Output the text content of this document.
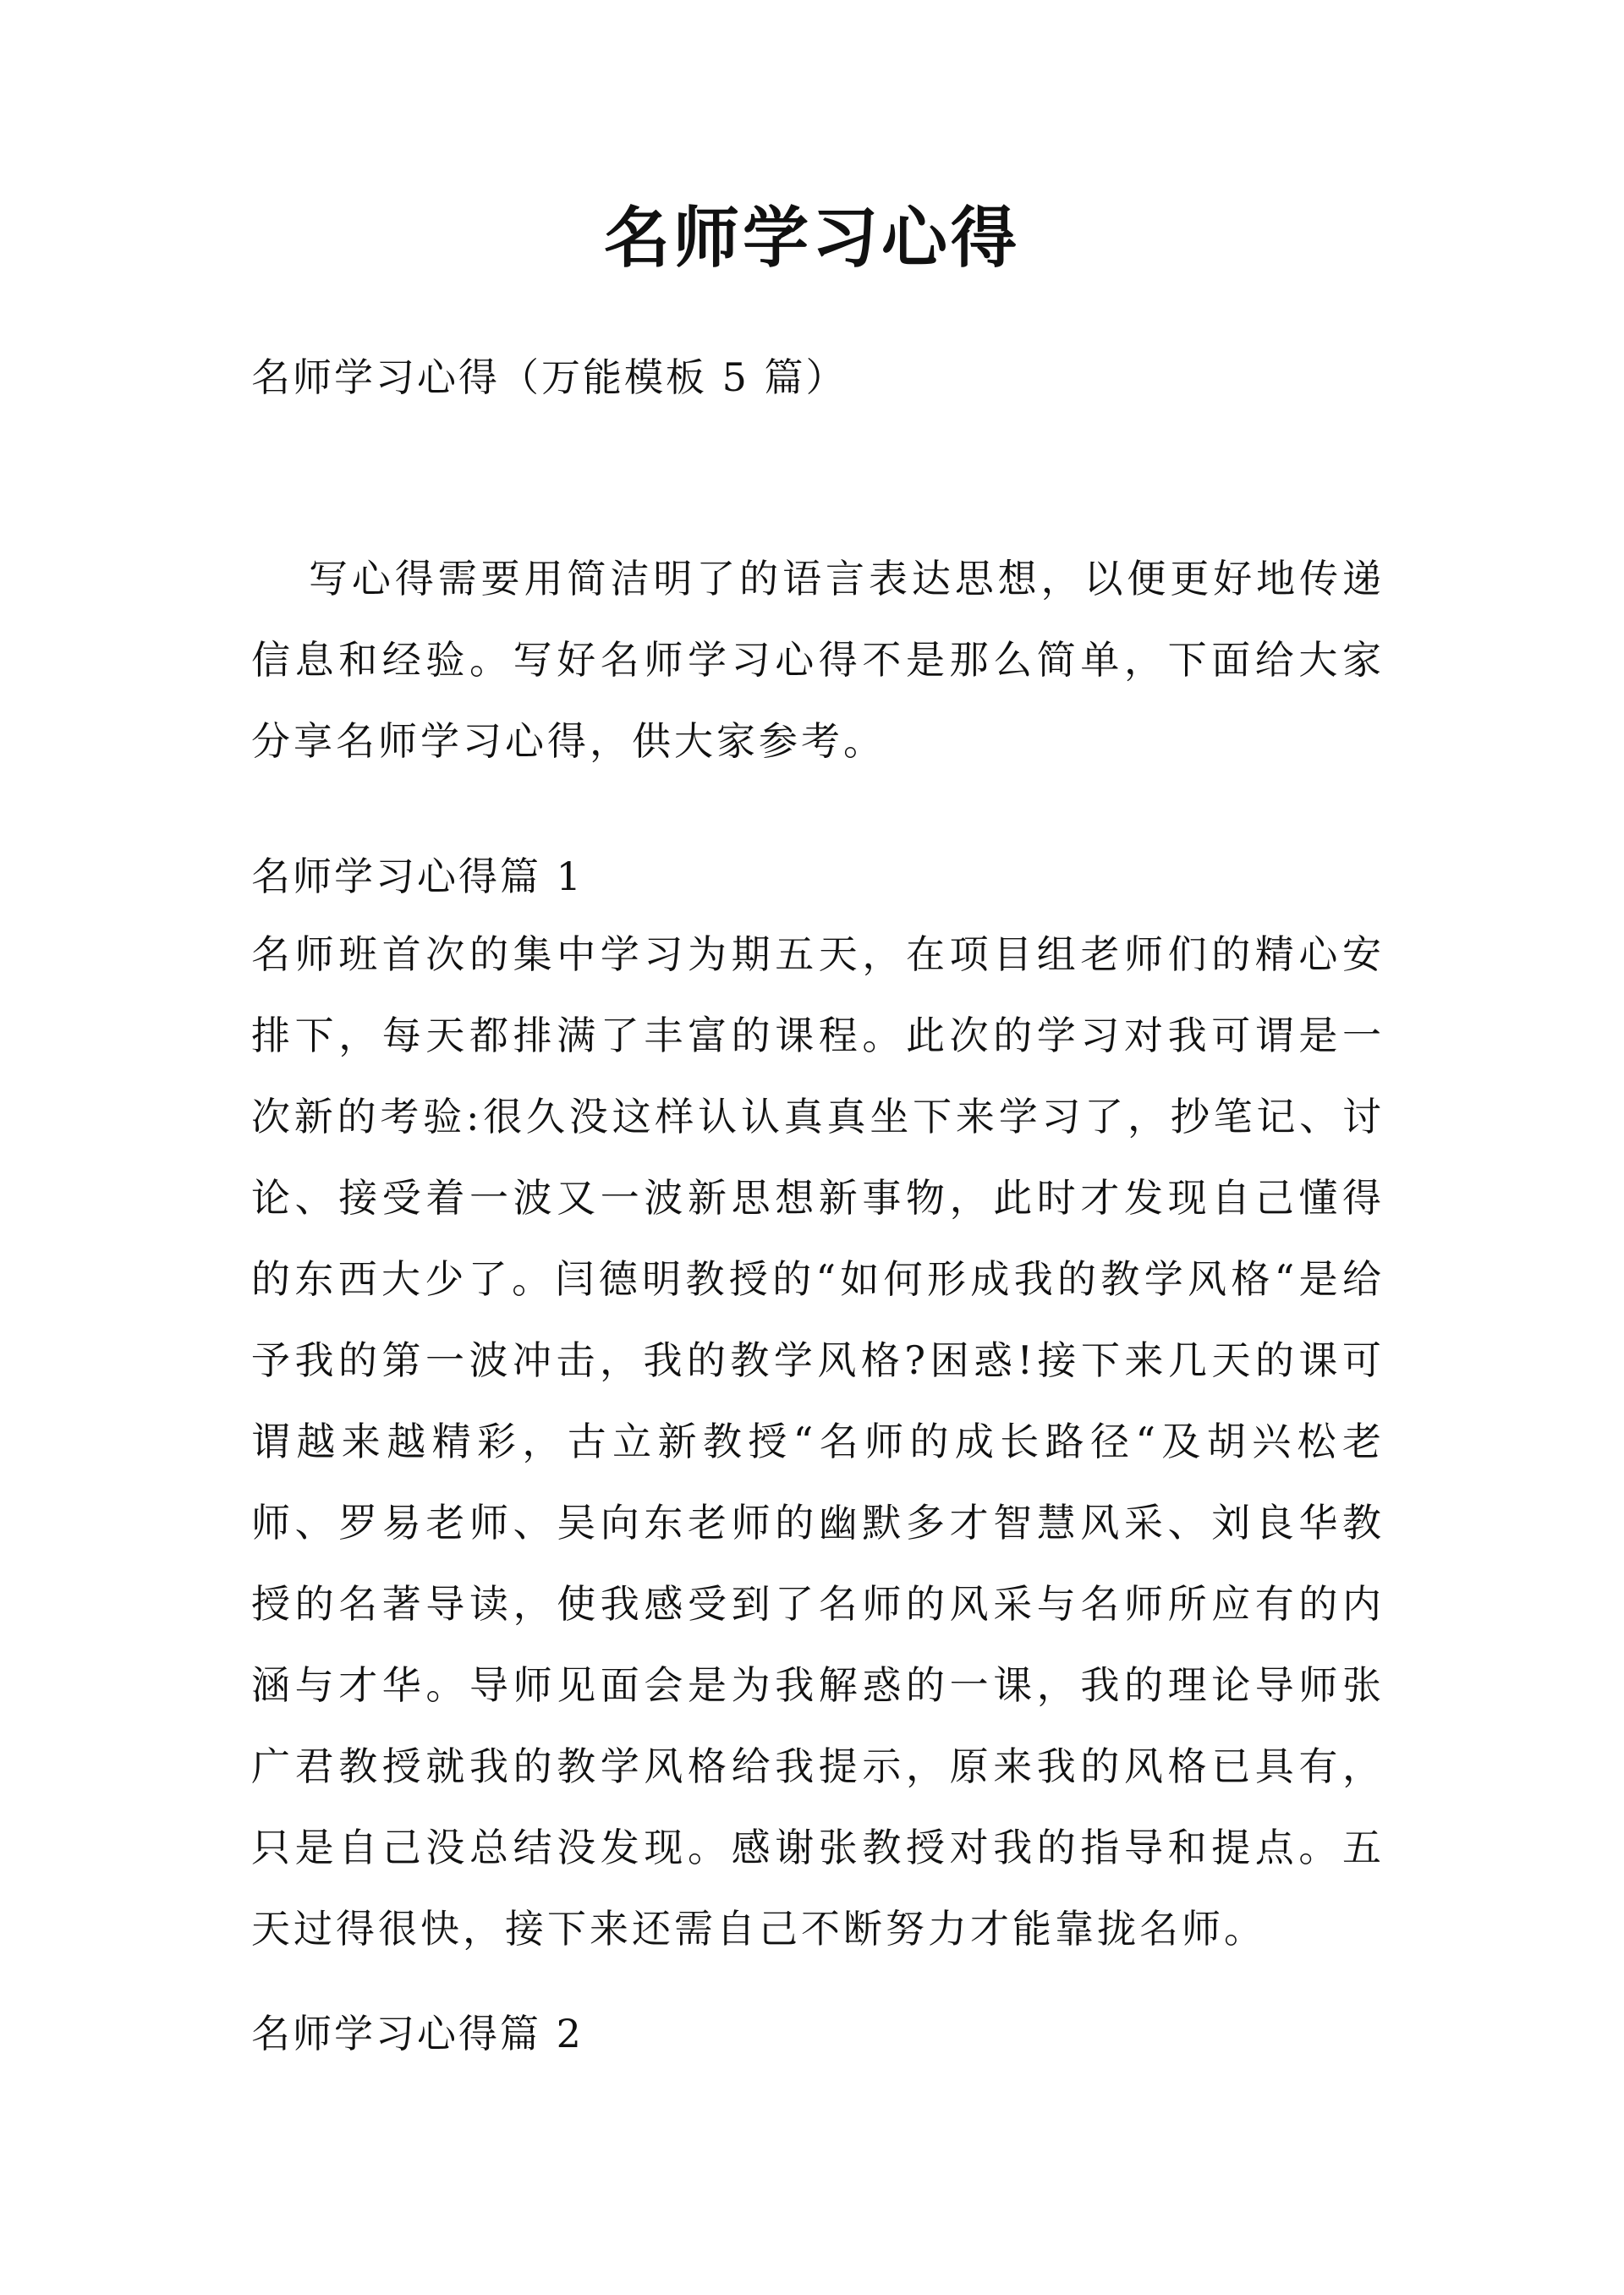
名师学习心得

名师学习心得（万能模板 5 篇）

写心得需要用简洁明了的语言表达思想，以便更好地传递信息和经验。写好名师学习心得不是那么简单，下面给大家分享名师学习心得，供大家参考。

名师学习心得篇 1

名师班首次的集中学习为期五天，在项目组老师们的精心安排下，每天都排满了丰富的课程。此次的学习对我可谓是一次新的考验:很久没这样认认真真坐下来学习了，抄笔记、讨论、接受着一波又一波新思想新事物，此时才发现自己懂得的东西大少了。闫德明教授的“如何形成我的教学风格“是给予我的第一波冲击，我的教学风格?困惑!接下来几天的课可谓越来越精彩，古立新教授“名师的成长路径“及胡兴松老师、罗易老师、吴向东老师的幽默多才智慧风采、刘良华教授的名著导读，使我感受到了名师的风采与名师所应有的内涵与才华。导师见面会是为我解惑的一课，我的理论导师张广君教授就我的教学风格给我提示，原来我的风格已具有，只是自己没总结没发现。感谢张教授对我的指导和提点。五天过得很快，接下来还需自己不断努力才能靠拢名师。

名师学习心得篇 2
